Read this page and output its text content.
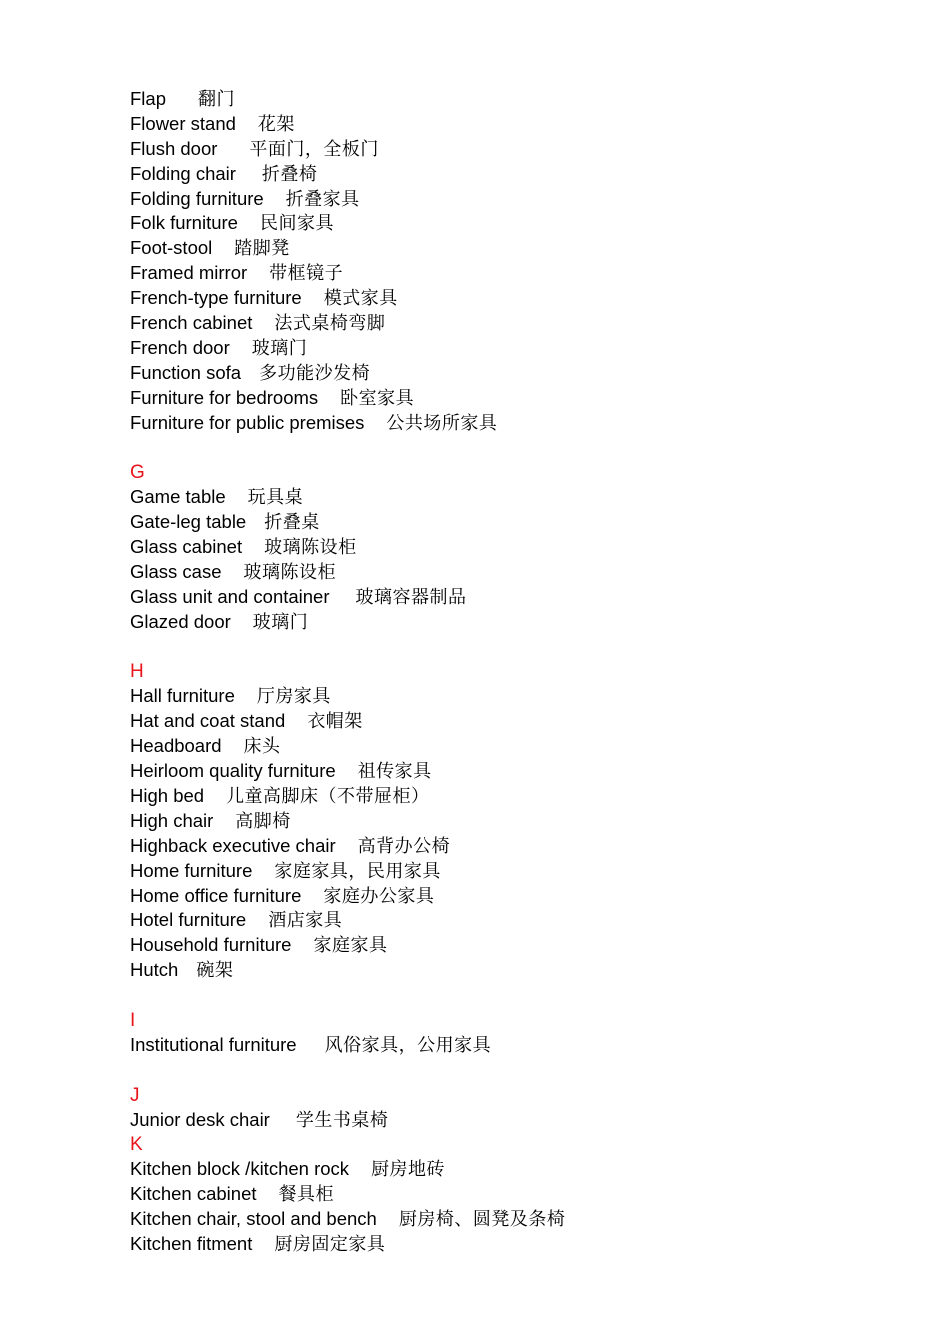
Flap 翻门
Flower stand 花架
Flush door 平面门，全板门
Folding chair 折叠椅
Folding furniture 折叠家具
Folk furniture 民间家具
Foot-stool 踏脚凳
Framed mirror 带框镜子
French-type furniture 模式家具
French cabinet 法式桌椅弯脚
French door 玻璃门
Function sofa 多功能沙发椅
Furniture for bedrooms 卧室家具
Furniture for public premises 公共场所家具
G
Game table 玩具桌
Gate-leg table 折叠桌
Glass cabinet 玻璃陈设柜
Glass case 玻璃陈设柜
Glass unit and container 玻璃容器制品
Glazed door 玻璃门
H
Hall furniture 厅房家具
Hat and coat stand 衣帽架
Headboard 床头
Heirloom quality furniture 祖传家具
High bed 儿童高脚床（不带屉柜）
High chair 高脚椅
Highback executive chair 高背办公椅
Home furniture 家庭家具，民用家具
Home office furniture 家庭办公家具
Hotel furniture 酒店家具
Household furniture 家庭家具
Hutch 碗架
I
Institutional furniture 风俗家具，公用家具
J
Junior desk chair 学生书桌椅
K
Kitchen block /kitchen rock 厨房地砖
Kitchen cabinet 餐具柜
Kitchen chair, stool and bench 厨房椅、圆凳及条椅
Kitchen fitment 厨房固定家具
